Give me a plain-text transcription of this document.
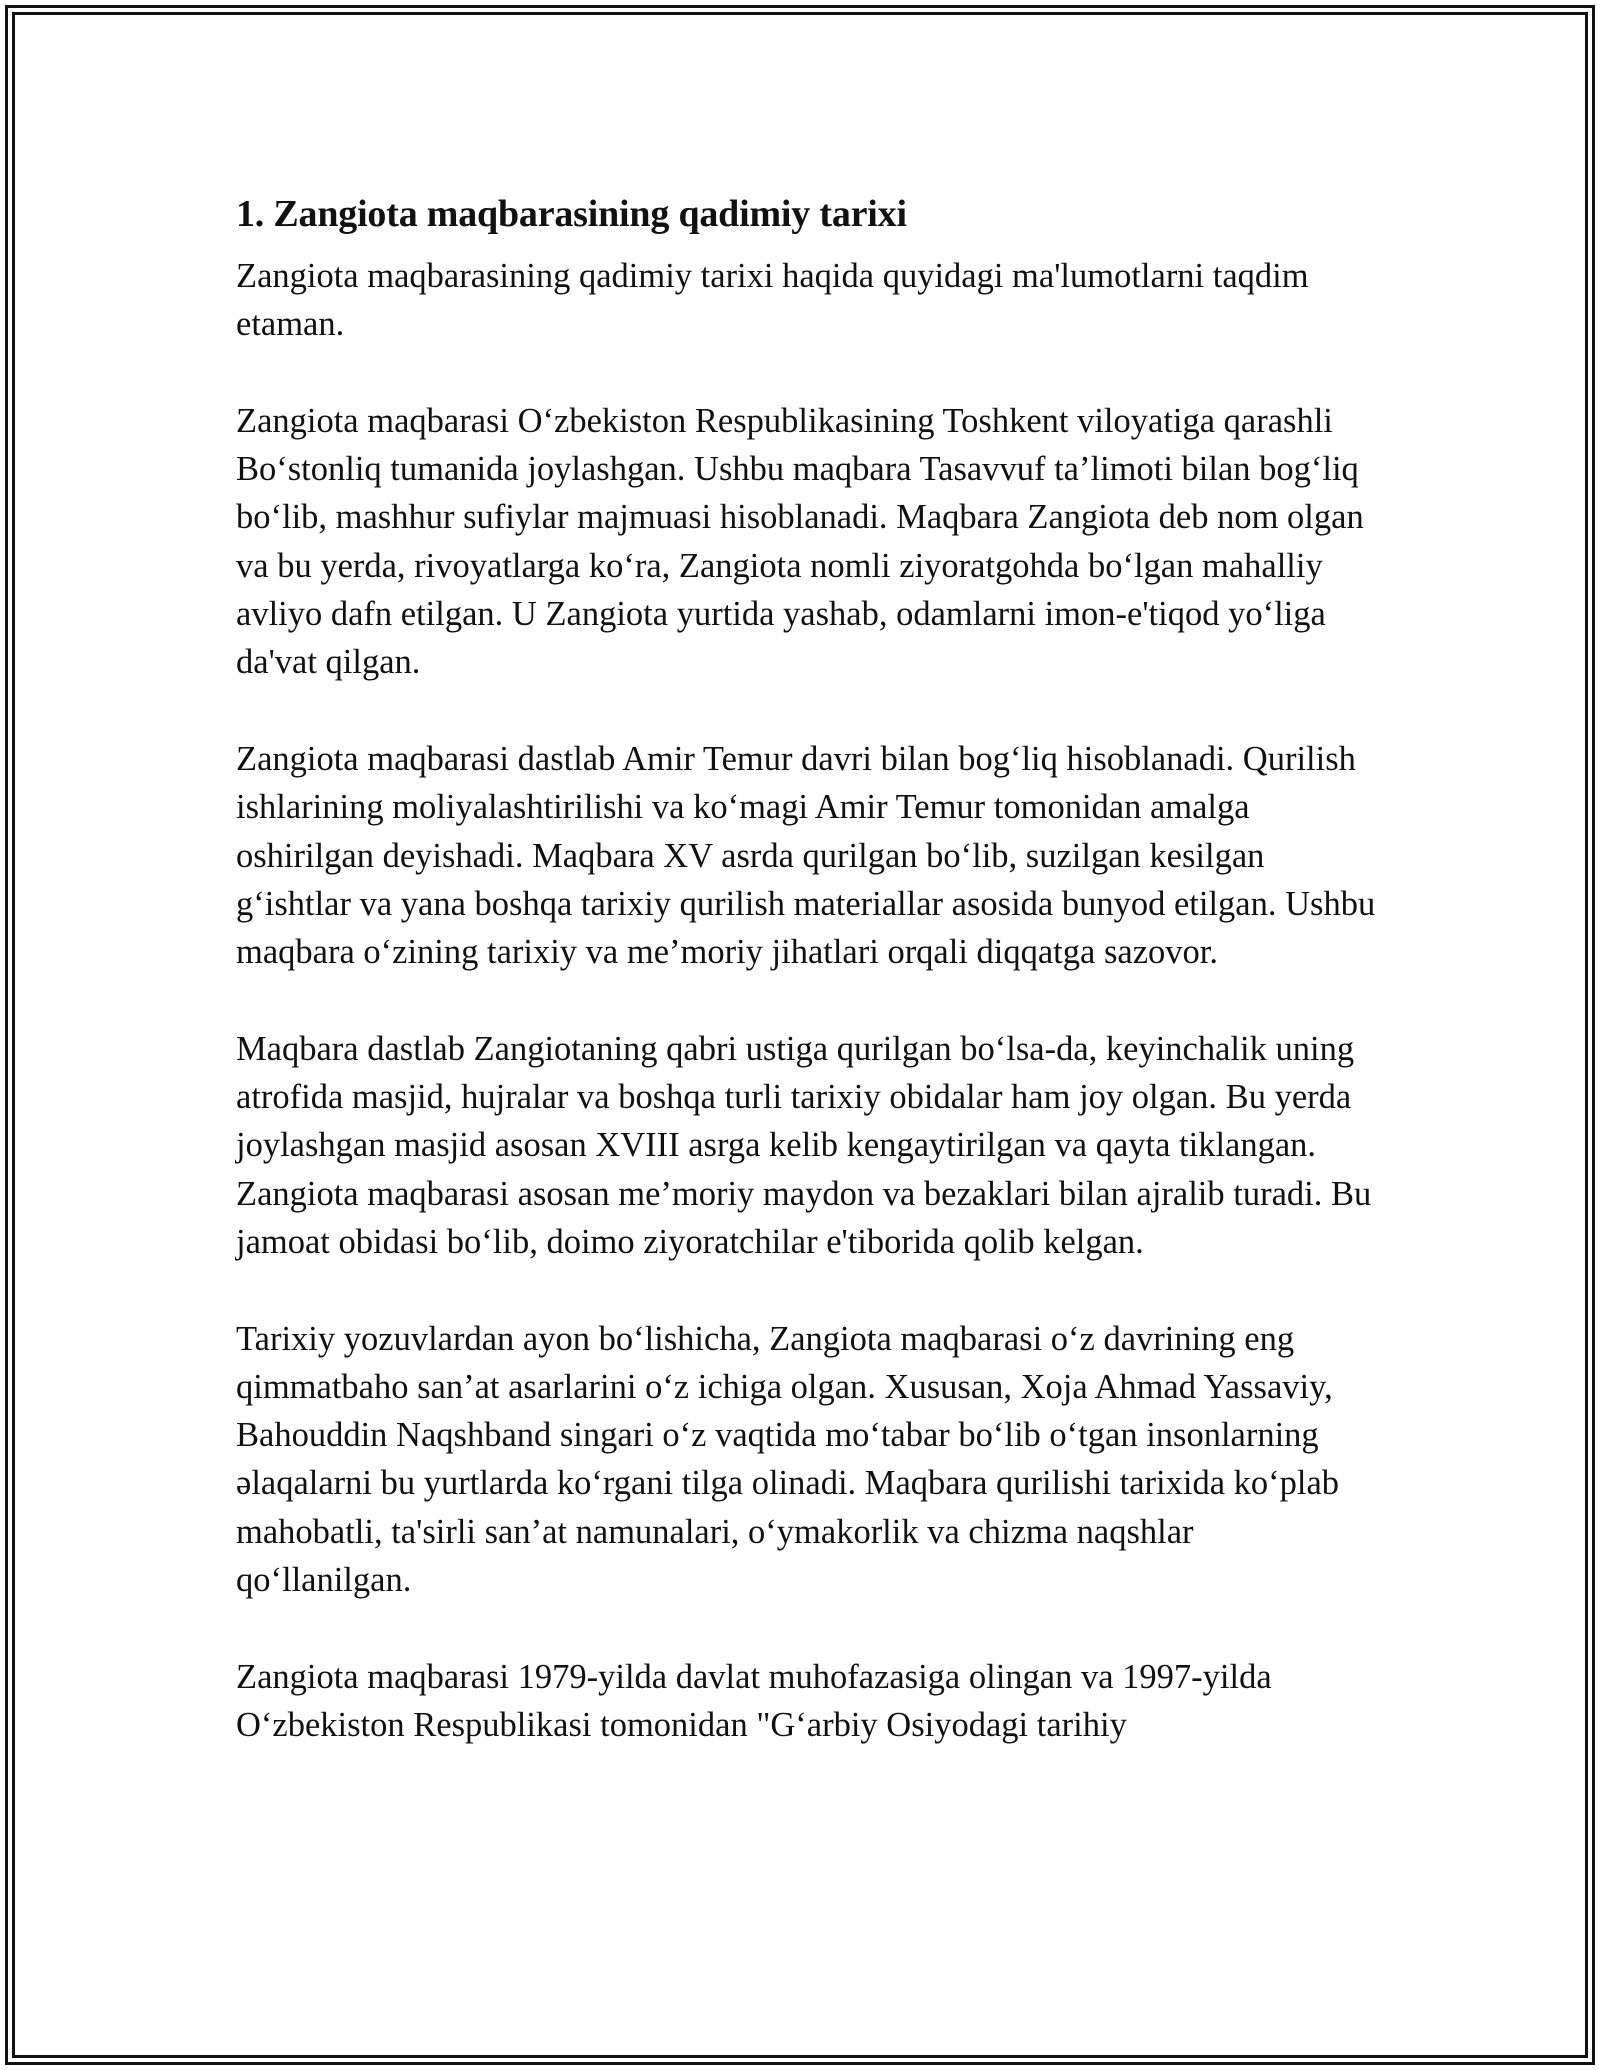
1. Zangiota maqbarasining qadimiy tarixi

Zangiota maqbarasining qadimiy tarixi haqida quyidagi ma'lumotlarni taqdim etaman.

Zangiota maqbarasi O‘zbekiston Respublikasining Toshkent viloyatiga qarashli Bo‘stonliq tumanida joylashgan. Ushbu maqbara Tasavvuf ta’limoti bilan bog‘liq bo‘lib, mashhur sufiylar majmuasi hisoblanadi. Maqbara Zangiota deb nom olgan va bu yerda, rivoyatlarga ko‘ra, Zangiota nomli ziyoratgohda bo‘lgan mahalliy avliyo dafn etilgan. U Zangiota yurtida yashab, odamlarni imon-e'tiqod yo‘liga da'vat qilgan.

Zangiota maqbarasi dastlab Amir Temur davri bilan bog‘liq hisoblanadi. Qurilish ishlarining moliyalashtirilishi va ko‘magi Amir Temur tomonidan amalga oshirilgan deyishadi. Maqbara XV asrda qurilgan bo‘lib, suzilgan kesilgan g‘ishtlar va yana boshqa tarixiy qurilish materiallar asosida bunyod etilgan. Ushbu maqbara o‘zining tarixiy va me’moriy jihatlari orqali diqqatga sazovor.

Maqbara dastlab Zangiotaning qabri ustiga qurilgan bo‘lsa-da, keyinchalik uning atrofida masjid, hujralar va boshqa turli tarixiy obidalar ham joy olgan. Bu yerda joylashgan masjid asosan XVIII asrga kelib kengaytirilgan va qayta tiklangan. Zangiota maqbarasi asosan me’moriy maydon va bezaklari bilan ajralib turadi. Bu jamoat obidasi bo‘lib, doimo ziyoratchilar e'tiborida qolib kelgan.

Tarixiy yozuvlardan ayon bo‘lishicha, Zangiota maqbarasi o‘z davrining eng qimmatbaho san’at asarlarini o‘z ichiga olgan. Xususan, Xoja Ahmad Yassaviy, Bahouddin Naqshband singari o‘z vaqtida mo‘tabar bo‘lib o‘tgan insonlarning əlaqalarni bu yurtlarda ko‘rgani tilga olinadi. Maqbara qurilishi tarixida ko‘plab mahobatli, ta'sirli san’at namunalari, o‘ymakorlik va chizma naqshlar qo‘llanilgan.

Zangiota maqbarasi 1979-yilda davlat muhofazasiga olingan va 1997-yilda O‘zbekiston Respublikasi tomonidan "G‘arbiy Osiyodagi tarihiy
